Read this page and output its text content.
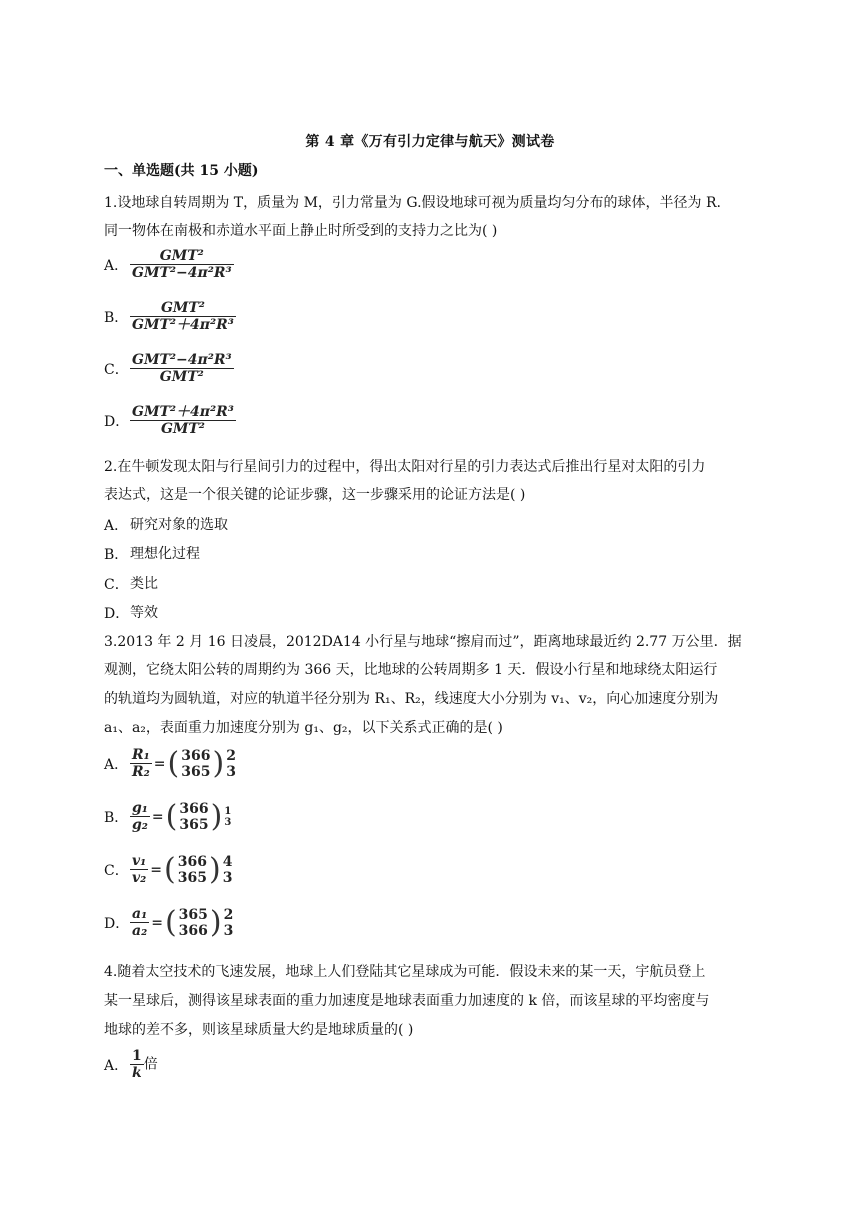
第 4 章《万有引力定律与航天》测试卷
一、单选题(共 15 小题)
1.设地球自转周期为 T，质量为 M，引力常量为 G.假设地球可视为质量均匀分布的球体，半径为 R.
同一物体在南极和赤道水平面上静止时所受到的支持力之比为( )
A． $\frac{\text{GMT²}}{\text{GMT²−4π²R³}}$
B． $\frac{\text{GMT²}}{\text{GMT²＋4π²R³}}$
C． $\frac{\text{GMT²−4π²R³}}{\text{GMT²}}$
D． $\frac{\text{GMT²＋4π²R³}}{\text{GMT²}}$
2.在牛顿发现太阳与行星间引力的过程中，得出太阳对行星的引力表达式后推出行星对太阳的引力
表达式，这是一个很关键的论证步骤，这一步骤采用的论证方法是( )
A． 研究对象的选取
B． 理想化过程
C．类比
D．等效
3.2013 年 2 月 16 日凌晨，2012DA14 小行星与地球“擦肩而过”，距离地球最近约 2.77 万公里．据
观测，它绕太阳公转的周期约为 366 天，比地球的公转周期多 1 天．假设小行星和地球绕太阳运行
的轨道均为圆轨道，对应的轨道半径分别为 R₁、R₂，线速度大小分别为 v₁、v₂，向心加速度分别为
a₁、a₂，表面重力加速度分别为 g₁、g₂，以下关系式正确的是( )
A． $\frac{\text{R₁}}{\text{R₂}}$ =( 366
365 ) 2
3
B． $\frac{\text{g₁}}{\text{g₂}}$ =( 366
365 ) 1
3
C． $\frac{\text{v₁}}{\text{v₂}}$ =( 366
365 ) 4
3
D． $\frac{\text{a₁}}{\text{a₂}}$ =( 365
366 ) 2
3
4.随着太空技术的飞速发展，地球上人们登陆其它星球成为可能．假设未来的某一天，宇航员登上
某一星球后，测得该星球表面的重力加速度是地球表面重力加速度的 k 倍，而该星球的平均密度与
地球的差不多，则该星球质量大约是地球质量的( )
A． $\frac{1}{k}$ 倍
